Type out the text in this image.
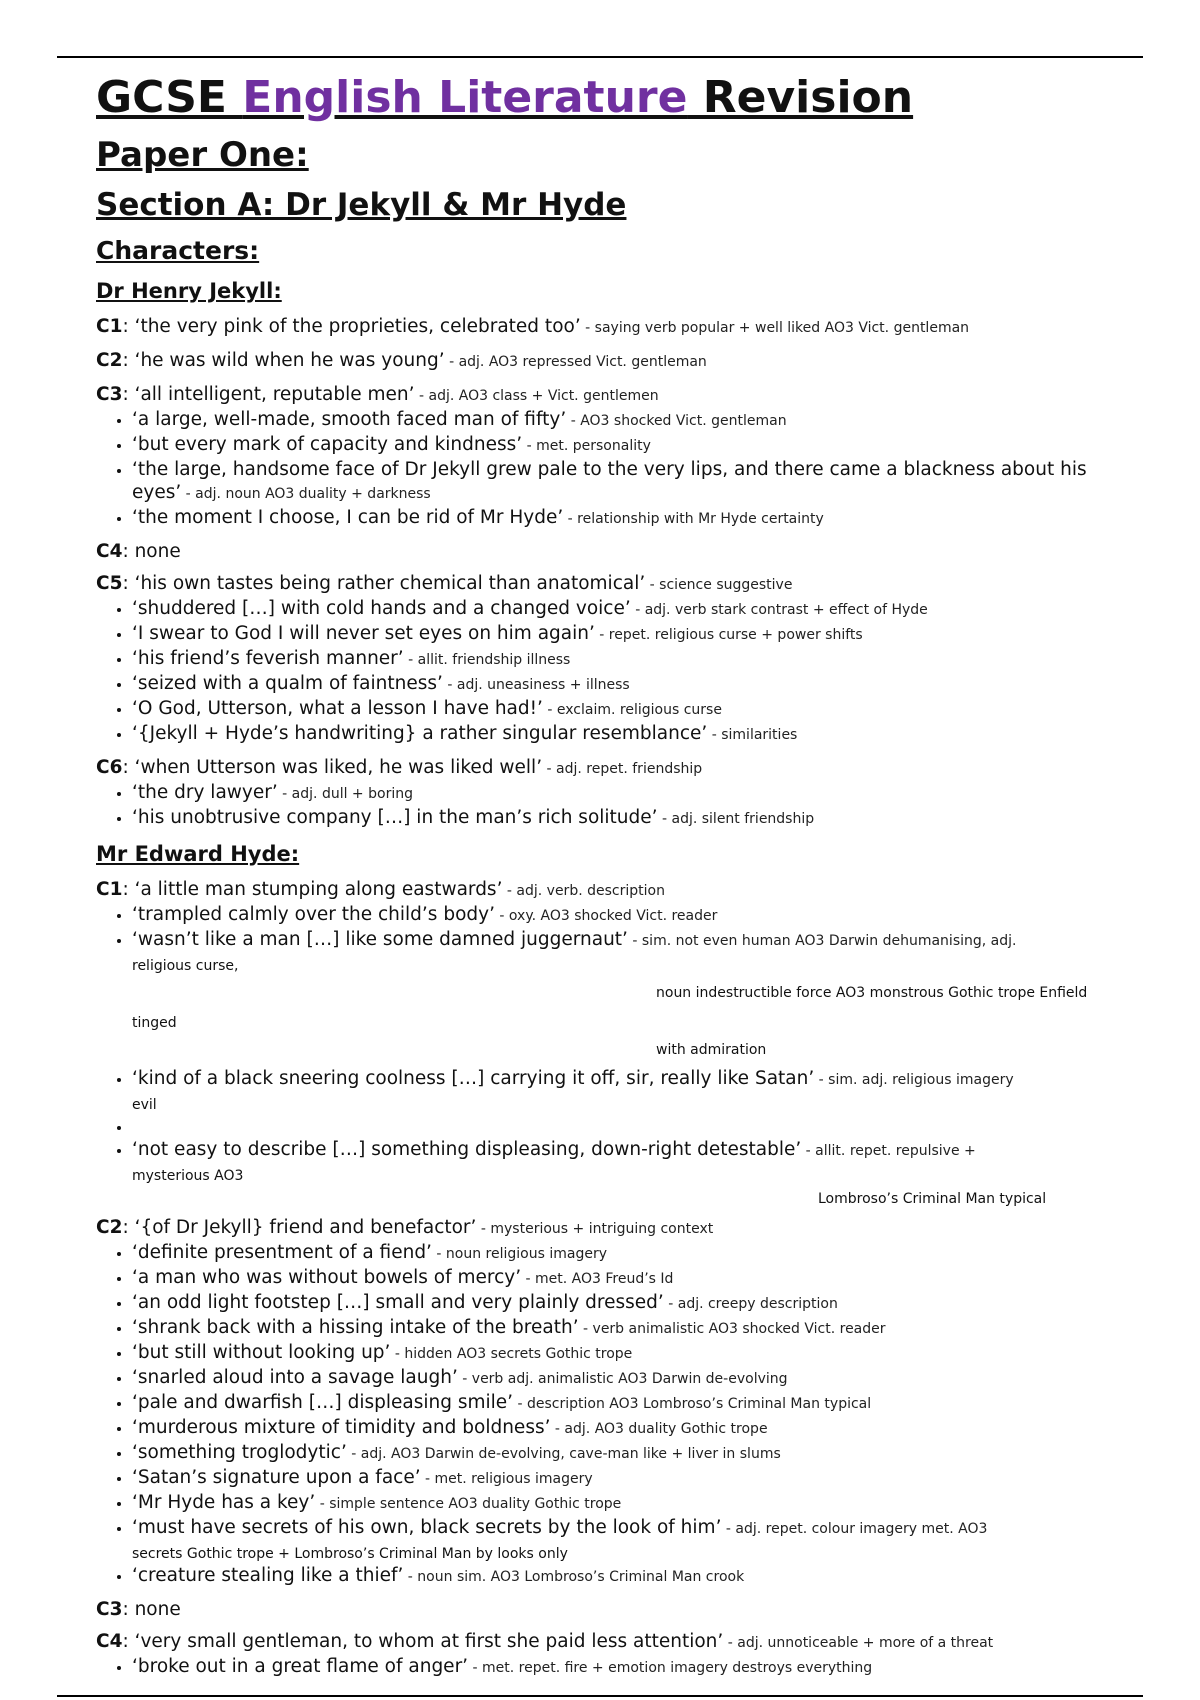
GCSE English Literature Revision
Paper One:
Section A: Dr Jekyll & Mr Hyde
Characters:
Dr Henry Jekyll:

C1: ‘the very pink of the proprieties, celebrated too’ - saying verb popular + well liked AO3 Vict. gentleman

C2: ‘he was wild when he was young’ - adj. AO3 repressed Vict. gentleman

C3: ‘all intelligent, reputable men’ - adj. AO3 class + Vict. gentlemen

• ‘a large, well-made, smooth faced man of fifty’ - AO3 shocked Vict. gentleman
• ‘but every mark of capacity and kindness’ - met. personality
• ‘the large, handsome face of Dr Jekyll grew pale to the very lips, and there came a blackness about his eyes’ - adj. noun AO3 duality + darkness
• ‘the moment I choose, I can be rid of Mr Hyde’ - relationship with Mr Hyde certainty

C4: none

C5: ‘his own tastes being rather chemical than anatomical’ - science suggestive

• ‘shuddered […] with cold hands and a changed voice’ - adj. verb stark contrast + effect of Hyde
• ‘I swear to God I will never set eyes on him again’ - repet. religious curse + power shifts
• ‘his friend’s feverish manner’ - allit. friendship illness
• ‘seized with a qualm of faintness’ - adj. uneasiness + illness
• ‘O God, Utterson, what a lesson I have had!’ - exclaim. religious curse
• ‘{Jekyll + Hyde’s handwriting} a rather singular resemblance’ - similarities

C6: ‘when Utterson was liked, he was liked well’ - adj. repet. friendship

• ‘the dry lawyer’ - adj. dull + boring
• ‘his unobtrusive company […] in the man’s rich solitude’ - adj. silent friendship
Mr Edward Hyde:

C1: ‘a little man stumping along eastwards’ - adj. verb. description

• ‘trampled calmly over the child’s body’ - oxy. AO3 shocked Vict. reader
• ‘wasn’t like a man […] like some damned juggernaut’ - sim. not even human AO3 Darwin dehumanising, adj.
religious curse,
noun indestructible force AO3 monstrous Gothic trope Enfield
tinged
with admiration
• ‘kind of a black sneering coolness […] carrying it off, sir, really like Satan’ - sim. adj. religious imagery
evil
•
• ‘not easy to describe […] something displeasing, down-right detestable’ - allit. repet. repulsive +
mysterious AO3
Lombroso’s Criminal Man typical

C2: ‘{of Dr Jekyll} friend and benefactor’ - mysterious + intriguing context

• ‘definite presentment of a fiend’ - noun religious imagery
• ‘a man who was without bowels of mercy’ - met. AO3 Freud’s Id
• ‘an odd light footstep […] small and very plainly dressed’ - adj. creepy description
• ‘shrank back with a hissing intake of the breath’ - verb animalistic AO3 shocked Vict. reader
• ‘but still without looking up’ - hidden AO3 secrets Gothic trope
• ‘snarled aloud into a savage laugh’ - verb adj. animalistic AO3 Darwin de-evolving
• ‘pale and dwarfish […] displeasing smile’ - description AO3 Lombroso’s Criminal Man typical
• ‘murderous mixture of timidity and boldness’ - adj. AO3 duality Gothic trope
• ‘something troglodytic’ - adj. AO3 Darwin de-evolving, cave-man like + liver in slums
• ‘Satan’s signature upon a face’ - met. religious imagery
• ‘Mr Hyde has a key’ - simple sentence AO3 duality Gothic trope
• ‘must have secrets of his own, black secrets by the look of him’ - adj. repet. colour imagery met. AO3
secrets Gothic trope + Lombroso’s Criminal Man by looks only
• ‘creature stealing like a thief’ - noun sim. AO3 Lombroso’s Criminal Man crook

C3: none

C4: ‘very small gentleman, to whom at first she paid less attention’ - adj. unnoticeable + more of a threat

• ‘broke out in a great flame of anger’ - met. repet. fire + emotion imagery destroys everything
